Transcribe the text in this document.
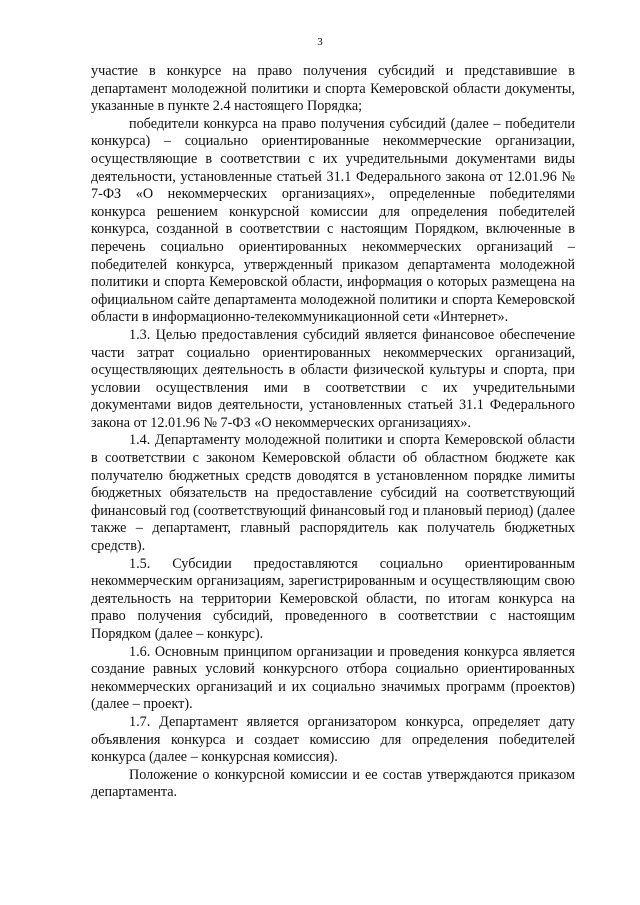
3

участие в конкурсе на право получения субсидий и представившие в департамент молодежной политики и спорта Кемеровской области документы, указанные в пункте 2.4 настоящего Порядка;

победители конкурса на право получения субсидий (далее – победители конкурса) – социально ориентированные некоммерческие организации, осуществляющие в соответствии с их учредительными документами виды деятельности, установленные статьей 31.1 Федерального закона от 12.01.96 № 7-ФЗ «О некоммерческих организациях», определенные победителями конкурса решением конкурсной комиссии для определения победителей конкурса, созданной в соответствии с настоящим Порядком, включенные в перечень социально ориентированных некоммерческих организаций – победителей конкурса, утвержденный приказом департамента молодежной политики и спорта Кемеровской области, информация о которых размещена на официальном сайте департамента молодежной политики и спорта Кемеровской области в информационно-телекоммуникационной сети «Интернет».

1.3. Целью предоставления субсидий является финансовое обеспечение части затрат социально ориентированных некоммерческих организаций, осуществляющих деятельность в области физической культуры и спорта, при условии осуществления ими в соответствии с их учредительными документами видов деятельности, установленных статьей 31.1 Федерального закона от 12.01.96 № 7-ФЗ «О некоммерческих организациях».

1.4. Департаменту молодежной политики и спорта Кемеровской области в соответствии с законом Кемеровской области об областном бюджете как получателю бюджетных средств доводятся в установленном порядке лимиты бюджетных обязательств на предоставление субсидий на соответствующий финансовый год (соответствующий финансовый год и плановый период) (далее также – департамент, главный распорядитель как получатель бюджетных средств).

1.5. Субсидии предоставляются социально ориентированным некоммерческим организациям, зарегистрированным и осуществляющим свою деятельность на территории Кемеровской области, по итогам конкурса на право получения субсидий, проведенного в соответствии с настоящим Порядком (далее – конкурс).

1.6. Основным принципом организации и проведения конкурса является создание равных условий конкурсного отбора социально ориентированных некоммерческих организаций и их социально значимых программ (проектов) (далее – проект).

1.7. Департамент является организатором конкурса, определяет дату объявления конкурса и создает комиссию для определения победителей конкурса (далее – конкурсная комиссия).

Положение о конкурсной комиссии и ее состав утверждаются приказом департамента.
